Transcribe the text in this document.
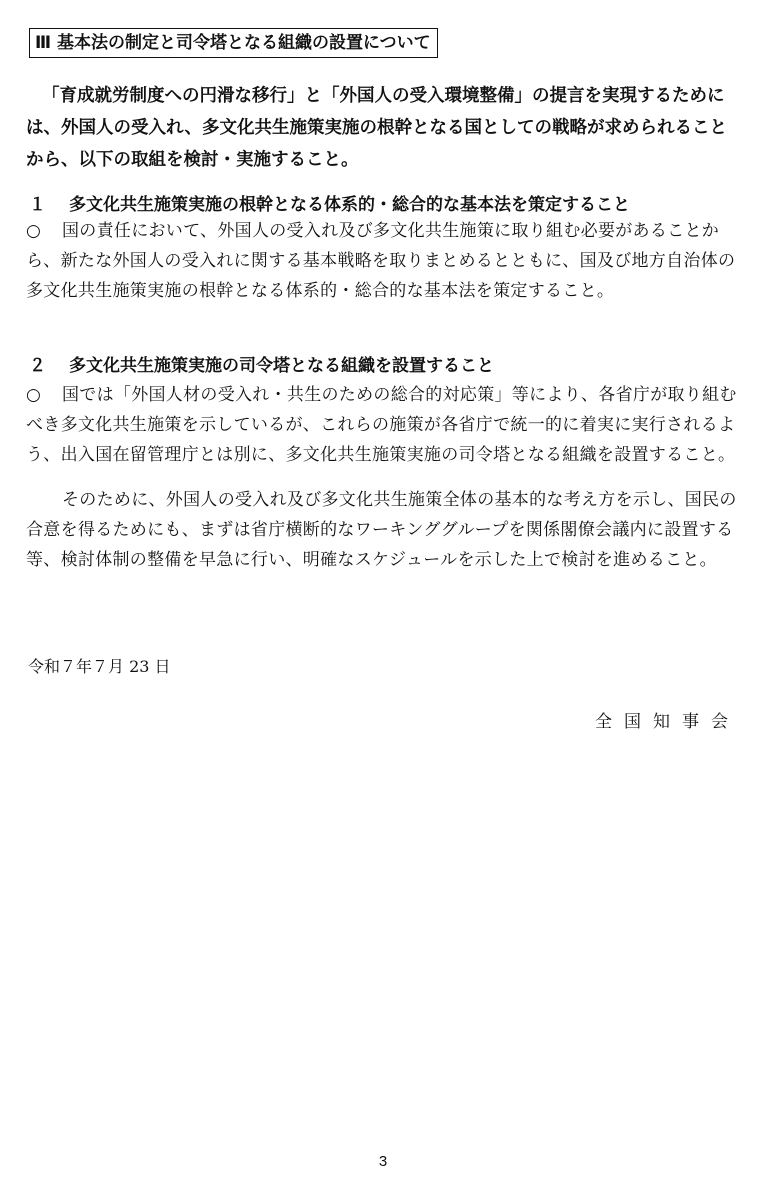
Ⅲ 基本法の制定と司令塔となる組織の設置について

「育成就労制度への円滑な移行」と「外国人の受入環境整備」の提言を実現するためには、外国人の受入れ、多文化共生施策実施の根幹となる国としての戦略が求められることから、以下の取組を検討・実施すること。

１ 多文化共生施策実施の根幹となる体系的・総合的な基本法を策定すること

○ 国の責任において、外国人の受入れ及び多文化共生施策に取り組む必要があることから、新たな外国人の受入れに関する基本戦略を取りまとめるとともに、国及び地方自治体の多文化共生施策実施の根幹となる体系的・総合的な基本法を策定すること。

２ 多文化共生施策実施の司令塔となる組織を設置すること

○ 国では「外国人材の受入れ・共生のための総合的対応策」等により、各省庁が取り組むべき多文化共生施策を示しているが、これらの施策が各省庁で統一的に着実に実行されるよう、出入国在留管理庁とは別に、多文化共生施策実施の司令塔となる組織を設置すること。

そのために、外国人の受入れ及び多文化共生施策全体の基本的な考え方を示し、国民の合意を得るためにも、まずは省庁横断的なワーキンググループを関係閣僚会議内に設置する等、検討体制の整備を早急に行い、明確なスケジュールを示した上で検討を進めること。

令和７年７月 23 日
全国知事会
3
